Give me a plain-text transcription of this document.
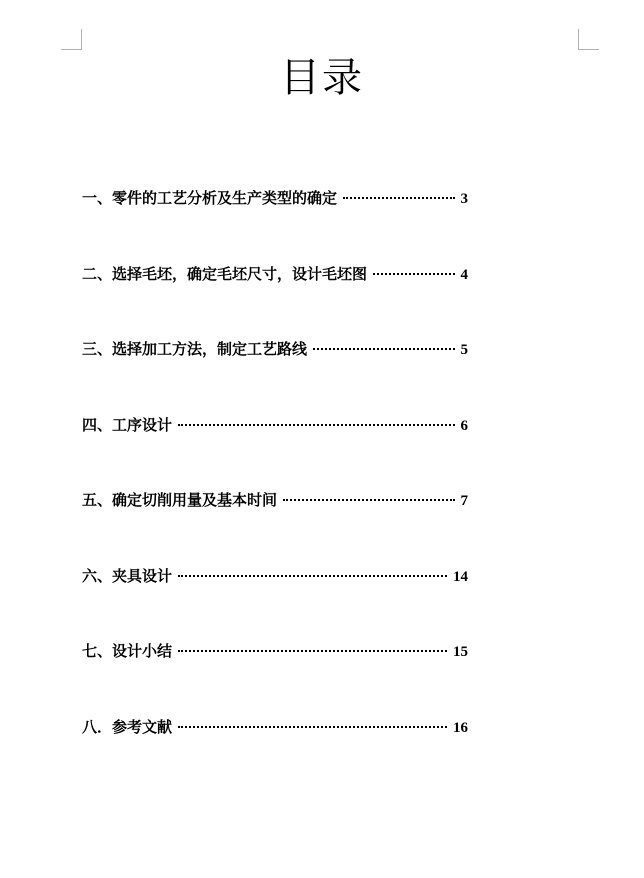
目录
一、零件的工艺分析及生产类型的确定	3
二、选择毛坯，确定毛坯尺寸，设计毛坯图	4
三、选择加工方法，制定工艺路线	5
四、工序设计	6
五、确定切削用量及基本时间	7
六、夹具设计	14
七、设计小结	15
八．参考文献	16
